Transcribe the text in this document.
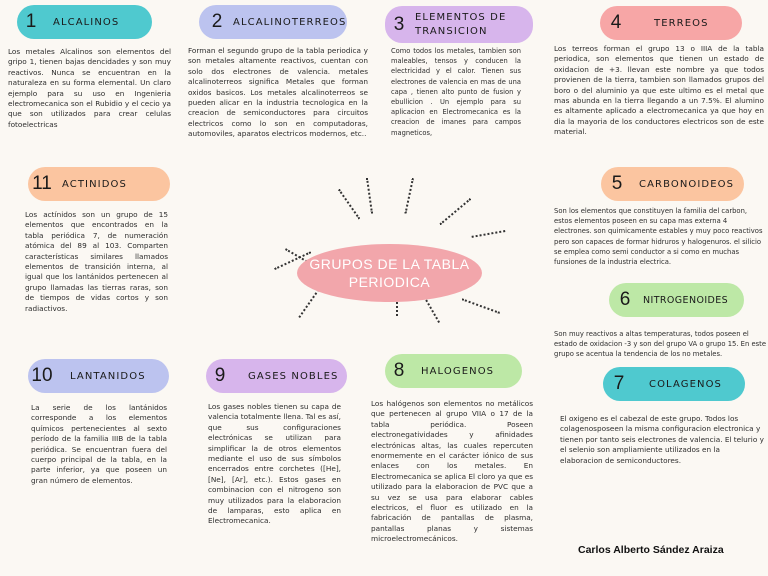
GRUPOS DE LA TABLA PERIODICA
1	ALCALINOS
Los metales Alcalinos son elementos del gripo 1, tienen bajas dencidades y son muy reactivos. Nunca se encuentran en la naturaleza en su forma elemental. Un claro ejemplo para su uso en Ingenieria electromecanica son el Rubidio y el cecio ya que son utilizados para crear celulas fotoelectricas
2	ALCALINOTERREOS
Forman el segundo grupo de la tabla periodica y son metales altamente reactivos, cuentan con solo dos electrones de valencia. metales alcalinoterreos significa Metales que forman oxidos basicos. Los metales alcalinoterreos se pueden alicar en la industria tecnologica en la creacion de semiconductores para circuitos electricos como lo son en computadoras, automoviles, aparatos electricos modernos, etc..
3	ELEMENTOS DE TRANSICION
Como todos los metales, tambien son maleables, tensos y conducen la electricidad y el calor. Tienen sus electrones de valencia en mas de una capa , tienen alto punto de fusion y ebullicion . Un ejemplo para su aplicacion en Electromecanica es la creacion de imanes para campos magneticos,
4	TERREOS
Los terreos forman el grupo 13 o IIIA de la tabla periodica, son elementos que tienen un estado de oxidacion de +3. llevan este nombre ya que todos provienen de la tierra, tambien son llamados grupos del boro o del aluminio ya que este ultimo es el metal que mas abunda en la tierra llegando a un 7.5%. El alumino es altamente aplicado a electromecanica ya que hoy en dia la mayoria de los conductores electricos son de este material.
5	CARBONOIDEOS
Son los elementos que constituyen la familia del carbon, estos elementos poseen en su capa mas externa 4 electrones. son quimicamente estables y muy poco reactivos pero son capaces de formar hidruros y halogenuros. el silicio se emplea como semi conductor a si como en muchas funsiones de la industria electrica.
6	NITROGENOIDES
Son muy reactivos a altas temperaturas, todos poseen el estado de oxidacion -3 y son del grupo VA o grupo 15. En este grupo se acentua la tendencia de los no metales.
7	COLAGENOS
El oxigeno es el cabezal de este grupo. Todos los colagenosposeen la misma configuracion electronica y tienen por tanto seis electrones de valencia. El telurio y el selenio son ampliamiente utilizados en la elaboracion de semiconductores.
8	HALOGENOS
Los halógenos son elementos no metálicos que pertenecen al grupo VIIA o 17 de la tabla periódica. Poseen electronegatividades y afinidades electrónicas altas, las cuales repercuten enormemente en el carácter iónico de sus enlaces con los metales. En Electromecanica se aplica El cloro ya que es utilizado para la elaboracion de PVC que a su vez se usa para elaborar cables electricos, el fluor es utilizado en la fabricación de pantallas de plasma, pantallas planas y sistemas microelectromecánicos.
9	GASES NOBLES
Los gases nobles tienen su capa de valencia totalmente llena. Tal es así, que sus configuraciones electrónicas se utilizan para simplificar la de otros elementos mediante el uso de sus símbolos encerrados entre corchetes ([He], [Ne], [Ar], etc.). Estos gases en combinacion con el nitrogeno son muy utilizados para la elaboracion de lamparas, esto aplica en Electromecanica.
10	LANTANIDOS
La serie de los lantánidos corresponde a los elementos químicos pertenecientes al sexto período de la familia IIIB de la tabla periódica. Se encuentran fuera del cuerpo principal de la tabla, en la parte inferior, ya que poseen un gran número de elementos.
11	ACTINIDOS
Los actínidos son un grupo de 15 elementos que encontrados en la tabla periódica 7, de numeración atómica del 89 al 103. Comparten características similares llamados elementos de transición interna, al igual que los lantánidos pertenecen al grupo llamadas las tierras raras, son de tiempos de vidas cortos y son radiactivos.
Carlos Alberto Sández Araiza
